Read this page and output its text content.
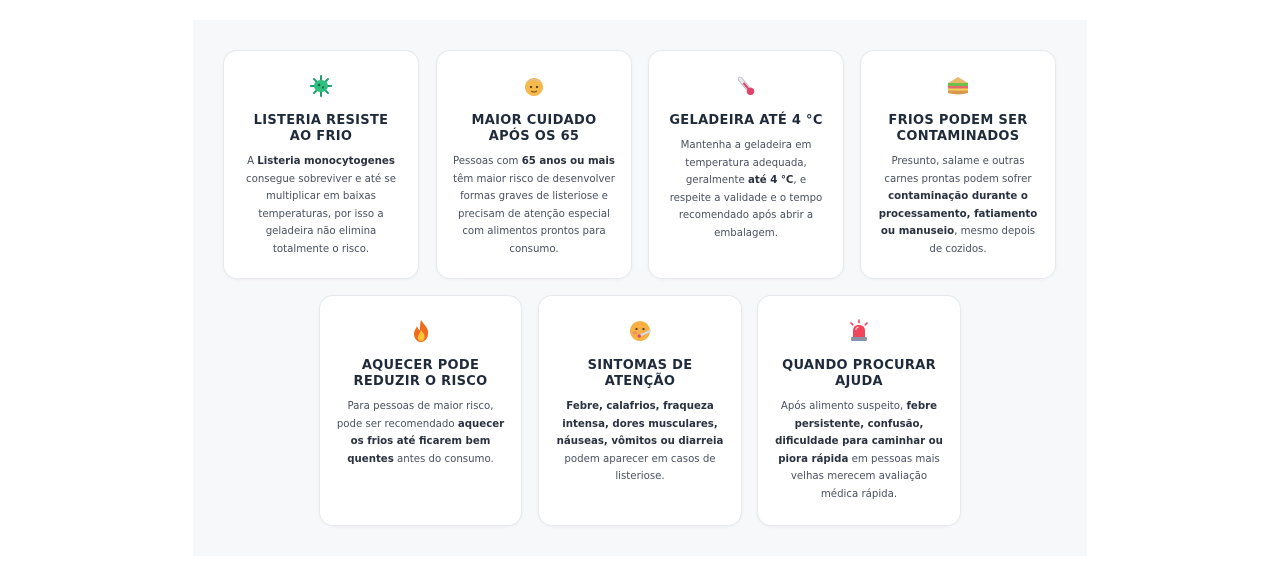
LISTERIA RESISTE AO FRIO
A Listeria monocytogenes consegue sobreviver e até se multiplicar em baixas temperaturas, por isso a geladeira não elimina totalmente o risco.
MAIOR CUIDADO APÓS OS 65
Pessoas com 65 anos ou mais têm maior risco de desenvolver formas graves de listeriose e precisam de atenção especial com alimentos prontos para consumo.
GELADEIRA ATÉ 4 °C
Mantenha a geladeira em temperatura adequada, geralmente até 4 °C, e respeite a validade e o tempo recomendado após abrir a embalagem.
FRIOS PODEM SER CONTAMINADOS
Presunto, salame e outras carnes prontas podem sofrer contaminação durante o processamento, fatiamento ou manuseio, mesmo depois de cozidos.
AQUECER PODE REDUZIR O RISCO
Para pessoas de maior risco, pode ser recomendado aquecer os frios até ficarem bem quentes antes do consumo.
SINTOMAS DE ATENÇÃO
Febre, calafrios, fraqueza intensa, dores musculares, náuseas, vômitos ou diarreia podem aparecer em casos de listeriose.
QUANDO PROCURAR AJUDA
Após alimento suspeito, febre persistente, confusão, dificuldade para caminhar ou piora rápida em pessoas mais velhas merecem avaliação médica rápida.
